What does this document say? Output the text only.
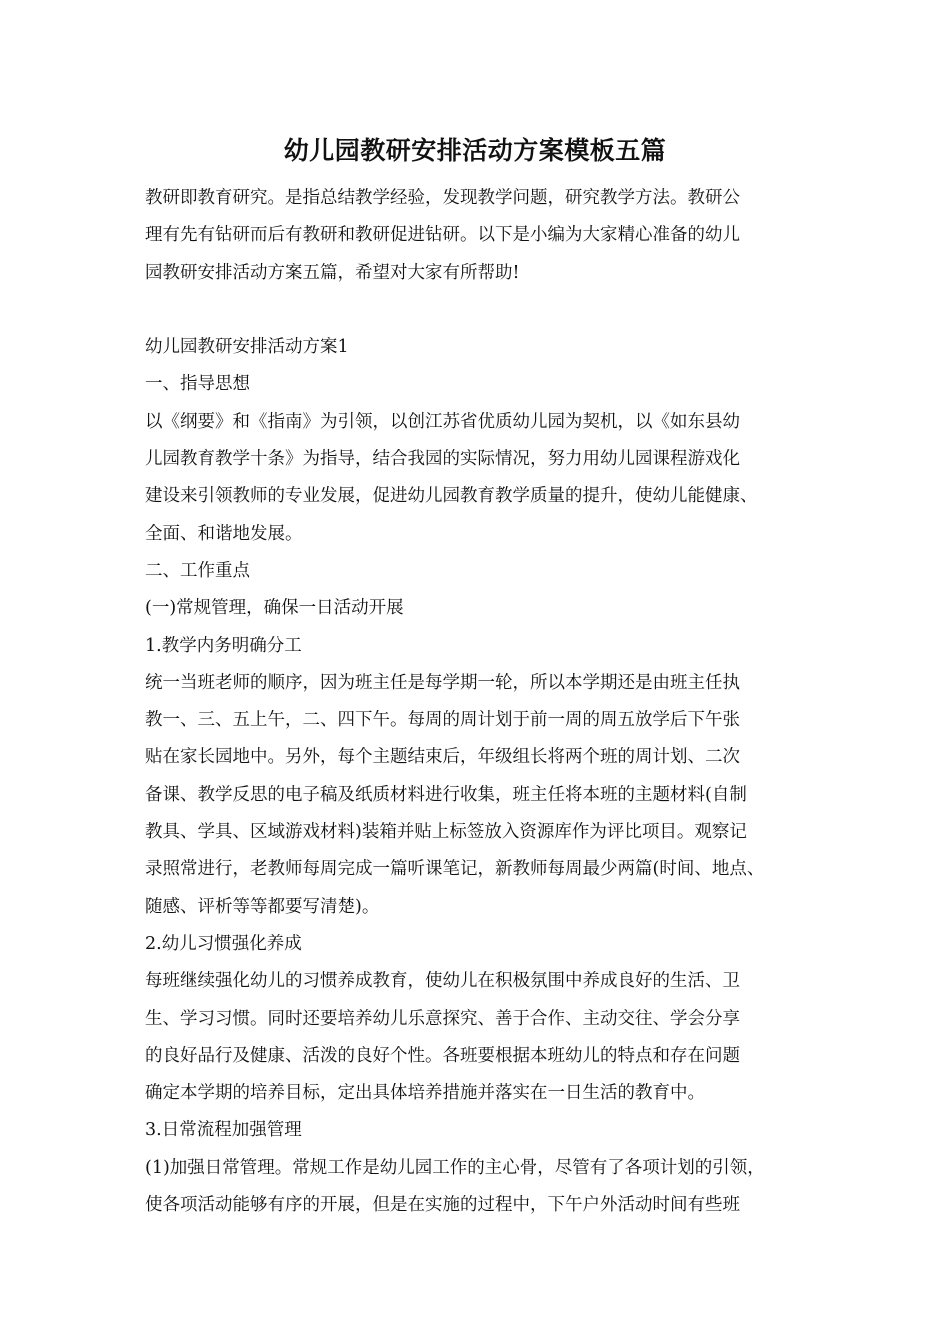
幼儿园教研安排活动方案模板五篇
教研即教育研究。是指总结教学经验，发现教学问题，研究教学方法。教研公
理有先有钻研而后有教研和教研促进钻研。以下是小编为大家精心准备的幼儿
园教研安排活动方案五篇，希望对大家有所帮助!
幼儿园教研安排活动方案1
一、指导思想
以《纲要》和《指南》为引领，以创江苏省优质幼儿园为契机，以《如东县幼
儿园教育教学十条》为指导，结合我园的实际情况，努力用幼儿园课程游戏化
建设来引领教师的专业发展，促进幼儿园教育教学质量的提升，使幼儿能健康、
全面、和谐地发展。
二、工作重点
(一)常规管理，确保一日活动开展
1.教学内务明确分工
统一当班老师的顺序，因为班主任是每学期一轮，所以本学期还是由班主任执
教一、三、五上午，二、四下午。每周的周计划于前一周的周五放学后下午张
贴在家长园地中。另外，每个主题结束后，年级组长将两个班的周计划、二次
备课、教学反思的电子稿及纸质材料进行收集，班主任将本班的主题材料(自制
教具、学具、区域游戏材料)装箱并贴上标签放入资源库作为评比项目。观察记
录照常进行，老教师每周完成一篇听课笔记，新教师每周最少两篇(时间、地点、
随感、评析等等都要写清楚)。
2.幼儿习惯强化养成
每班继续强化幼儿的习惯养成教育，使幼儿在积极氛围中养成良好的生活、卫
生、学习习惯。同时还要培养幼儿乐意探究、善于合作、主动交往、学会分享
的良好品行及健康、活泼的良好个性。各班要根据本班幼儿的特点和存在问题
确定本学期的培养目标，定出具体培养措施并落实在一日生活的教育中。
3.日常流程加强管理
(1)加强日常管理。常规工作是幼儿园工作的主心骨，尽管有了各项计划的引领，
使各项活动能够有序的开展，但是在实施的过程中，下午户外活动时间有些班
